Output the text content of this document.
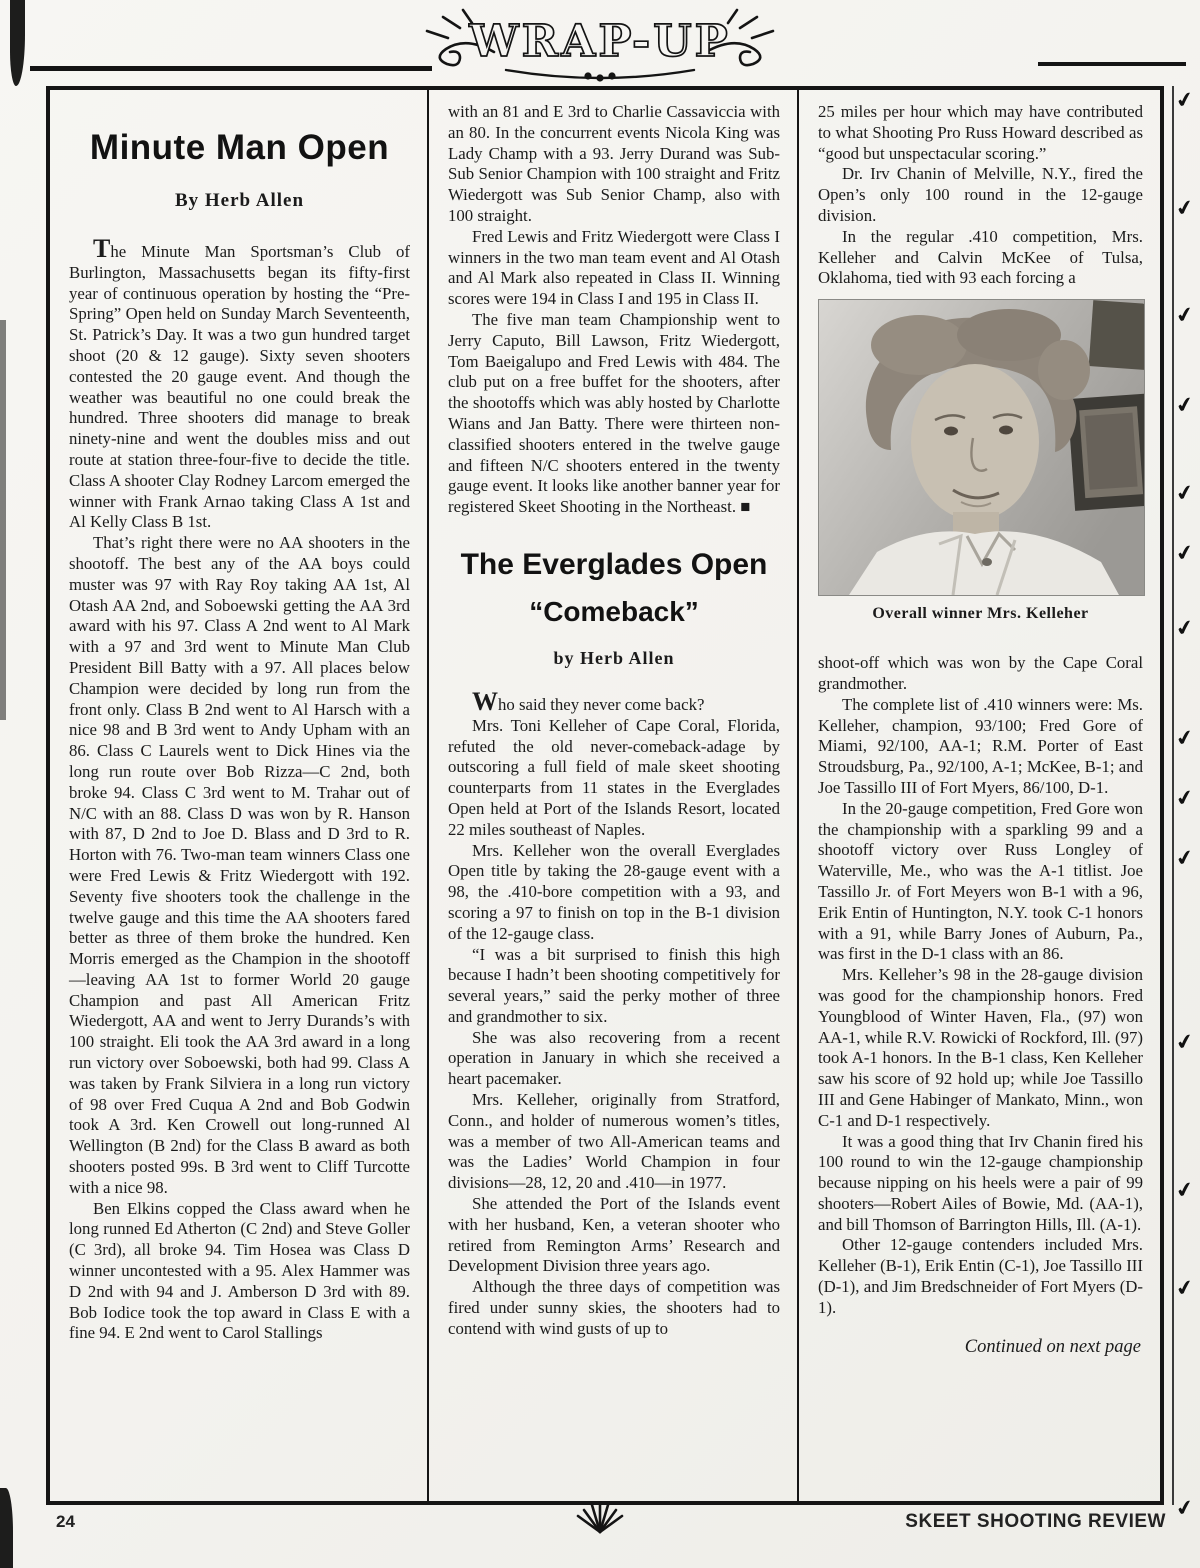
WRAP-UP
Minute Man Open
By Herb Allen

The Minute Man Sportsman’s Club of Burlington, Massachusetts began its fifty-first year of continuous operation by hosting the “Pre-Spring” Open held on Sunday March Seventeenth, St. Patrick’s Day. It was a two gun hundred target shoot (20 & 12 gauge). Sixty seven shooters contested the 20 gauge event. And though the weather was beautiful no one could break the hundred. Three shooters did manage to break ninety-nine and went the doubles miss and out route at station three-four-five to decide the title. Class A shooter Clay Rodney Larcom emerged the winner with Frank Arnao taking Class A 1st and Al Kelly Class B 1st.

That’s right there were no AA shooters in the shootoff. The best any of the AA boys could muster was 97 with Ray Roy taking AA 1st, Al Otash AA 2nd, and Soboewski getting the AA 3rd award with his 97. Class A 2nd went to Al Mark with a 97 and 3rd went to Minute Man Club President Bill Batty with a 97. All places below Champion were decided by long run from the front only. Class B 2nd went to Al Harsch with a nice 98 and B 3rd went to Andy Upham with an 86. Class C Laurels went to Dick Hines via the long run route over Bob Rizza—C 2nd, both broke 94. Class C 3rd went to M. Trahar out of N/C with an 88. Class D was won by R. Hanson with 87, D 2nd to Joe D. Blass and D 3rd to R. Horton with 76. Two-man team winners Class one were Fred Lewis & Fritz Wiedergott with 192. Seventy five shooters took the challenge in the twelve gauge and this time the AA shooters fared better as three of them broke the hundred. Ken Morris emerged as the Champion in the shootoff—leaving AA 1st to former World 20 gauge Champion and past All American Fritz Wiedergott, AA and went to Jerry Durands’s with 100 straight. Eli took the AA 3rd award in a long run victory over Soboewski, both had 99. Class A was taken by Frank Silviera in a long run victory of 98 over Fred Cuqua A 2nd and Bob Godwin took A 3rd. Ken Crowell out long-runned Al Wellington (B 2nd) for the Class B award as both shooters posted 99s. B 3rd went to Cliff Turcotte with a nice 98.

Ben Elkins copped the Class award when he long runned Ed Atherton (C 2nd) and Steve Goller (C 3rd), all broke 94. Tim Hosea was Class D winner uncontested with a 95. Alex Hammer was D 2nd with 94 and J. Amberson D 3rd with 89. Bob Iodice took the top award in Class E with a fine 94. E 2nd went to Carol Stallings

with an 81 and E 3rd to Charlie Cassaviccia with an 80. In the concurrent events Nicola King was Lady Champ with a 93. Jerry Durand was Sub-Sub Senior Champion with 100 straight and Fritz Wiedergott was Sub Senior Champ, also with 100 straight.

Fred Lewis and Fritz Wiedergott were Class I winners in the two man team event and Al Otash and Al Mark also repeated in Class II. Winning scores were 194 in Class I and 195 in Class II.

The five man team Championship went to Jerry Caputo, Bill Lawson, Fritz Wiedergott, Tom Baeigalupo and Fred Lewis with 484. The club put on a free buffet for the shooters, after the shootoffs which was ably hosted by Charlotte Wians and Jan Batty. There were thirteen non-classified shooters entered in the twelve gauge and fifteen N/C shooters entered in the twenty gauge event. It looks like another banner year for registered Skeet Shooting in the Northeast. ■

The Everglades Open
“Comeback”
by Herb Allen

Who said they never come back?

Mrs. Toni Kelleher of Cape Coral, Florida, refuted the old never-comeback-adage by outscoring a full field of male skeet shooting counterparts from 11 states in the Everglades Open held at Port of the Islands Resort, located 22 miles southeast of Naples.

Mrs. Kelleher won the overall Everglades Open title by taking the 28-gauge event with a 98, the .410-bore competition with a 93, and scoring a 97 to finish on top in the B-1 division of the 12-gauge class.

“I was a bit surprised to finish this high because I hadn’t been shooting competitively for several years,” said the perky mother of three and grandmother to six.

She was also recovering from a recent operation in January in which she received a heart pacemaker.

Mrs. Kelleher, originally from Stratford, Conn., and holder of numerous women’s titles, was a member of two All-American teams and was the Ladies’ World Champion in four divisions—28, 12, 20 and .410—in 1977.

She attended the Port of the Islands event with her husband, Ken, a veteran shooter who retired from Remington Arms’ Research and Development Division three years ago.

Although the three days of competition was fired under sunny skies, the shooters had to contend with wind gusts of up to

25 miles per hour which may have contributed to what Shooting Pro Russ Howard described as “good but unspectacular scoring.”

Dr. Irv Chanin of Melville, N.Y., fired the Open’s only 100 round in the 12-gauge division.

In the regular .410 competition, Mrs. Kelleher and Calvin McKee of Tulsa, Oklahoma, tied with 93 each forcing a

Overall winner Mrs. Kelleher

shoot-off which was won by the Cape Coral grandmother.

The complete list of .410 winners were: Ms. Kelleher, champion, 93/100; Fred Gore of Miami, 92/100, AA-1; R.M. Porter of East Stroudsburg, Pa., 92/100, A-1; McKee, B-1; and Joe Tassillo III of Fort Myers, 86/100, D-1.

In the 20-gauge competition, Fred Gore won the championship with a sparkling 99 and a shootoff victory over Russ Longley of Waterville, Me., who was the A-1 titlist. Joe Tassillo Jr. of Fort Meyers won B-1 with a 96, Erik Entin of Huntington, N.Y. took C-1 honors with a 91, while Barry Jones of Auburn, Pa., was first in the D-1 class with an 86.

Mrs. Kelleher’s 98 in the 28-gauge division was good for the championship honors. Fred Youngblood of Winter Haven, Fla., (97) won AA-1, while R.V. Rowicki of Rockford, Ill. (97) took A-1 honors. In the B-1 class, Ken Kelleher saw his score of 92 hold up; while Joe Tassillo III and Gene Habinger of Mankato, Minn., won C-1 and D-1 respectively.

It was a good thing that Irv Chanin fired his 100 round to win the 12-gauge championship because nipping on his heels were a pair of 99 shooters—Robert Ailes of Bowie, Md. (AA-1), and bill Thomson of Barrington Hills, Ill. (A-1).

Other 12-gauge contenders included Mrs. Kelleher (B-1), Erik Entin (C-1), Joe Tassillo III (D-1), and Jim Bredschneider of Fort Myers (D-1).

Continued on next page
24	SKEET SHOOTING REVIEW
✔
✔
✔
✔
✔
✔
✔
✔
✔
✔
✔
✔
✔
✔
